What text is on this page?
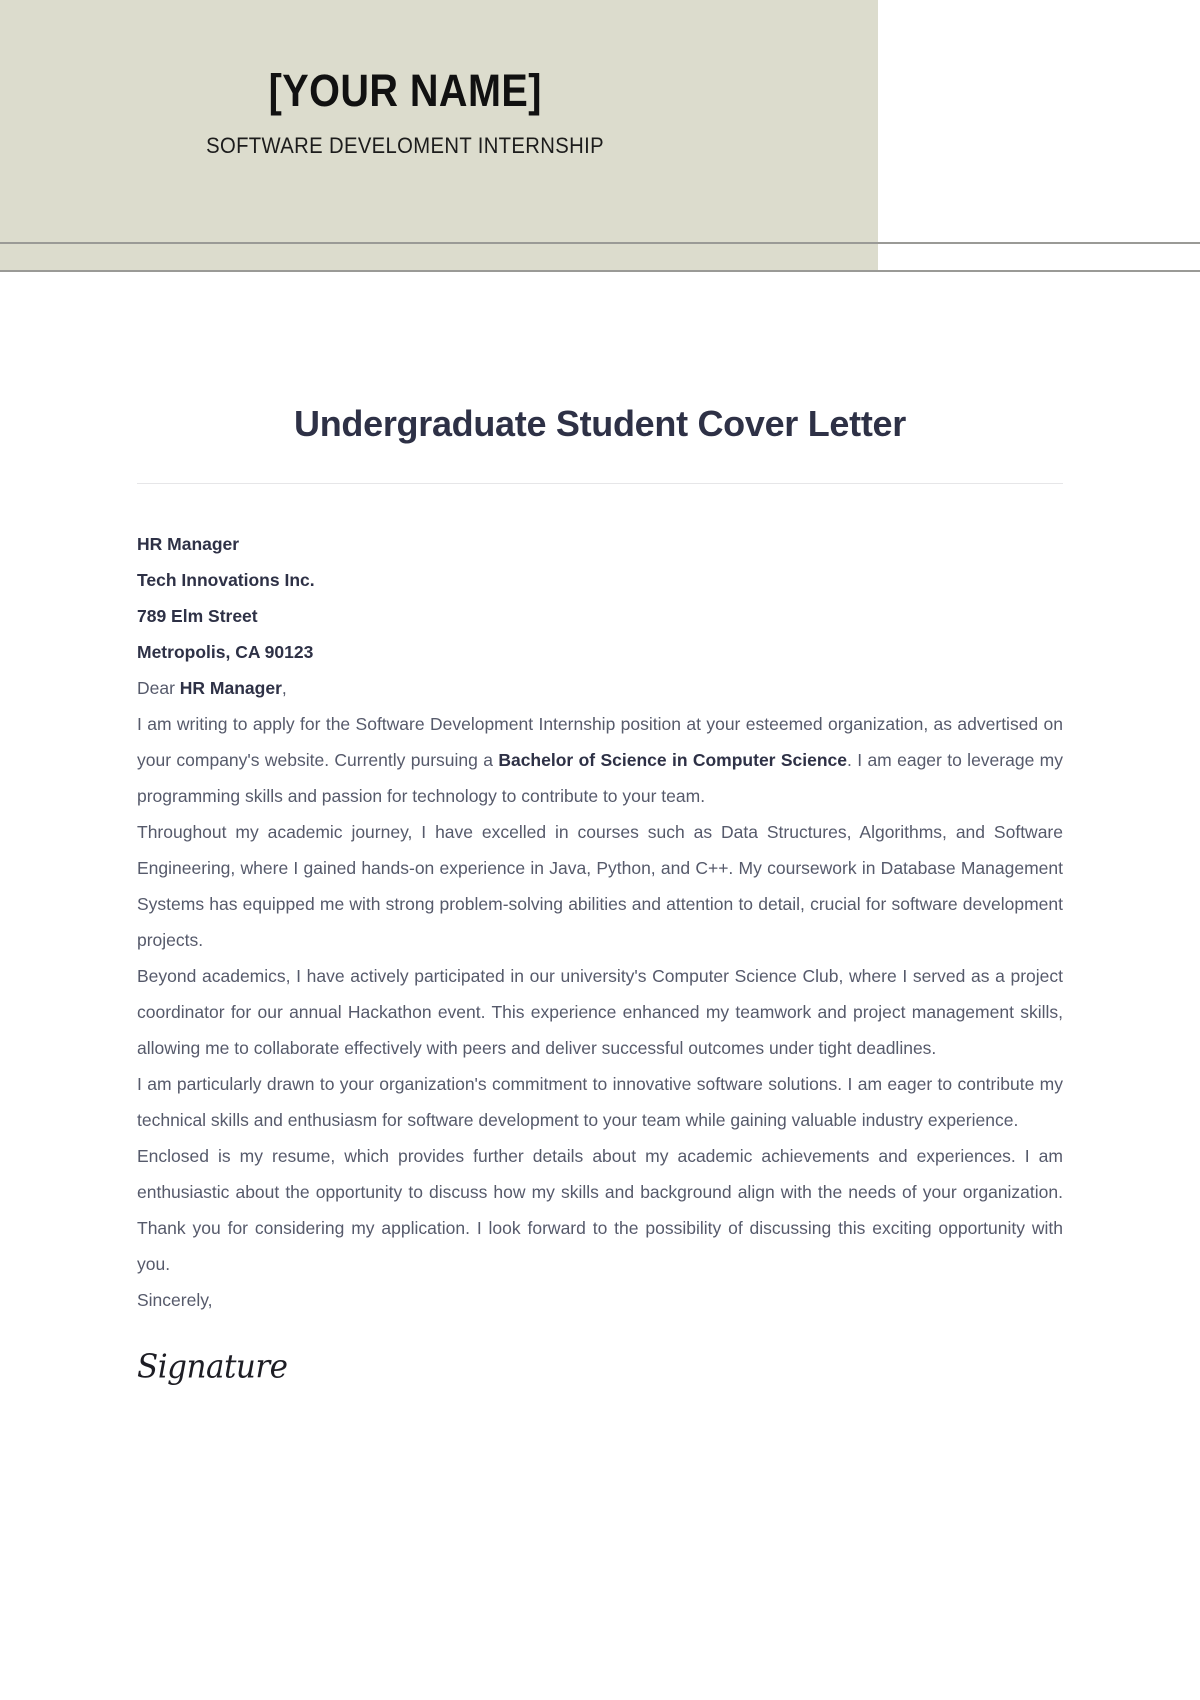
[YOUR NAME]
SOFTWARE DEVELOMENT INTERNSHIP
Undergraduate Student Cover Letter
HR Manager
Tech Innovations Inc.
789 Elm Street
Metropolis, CA 90123
Dear HR Manager,

I am writing to apply for the Software Development Internship position at your esteemed organization, as advertised on your company's website. Currently pursuing a Bachelor of Science in Computer Science. I am eager to leverage my programming skills and passion for technology to contribute to your team.

Throughout my academic journey, I have excelled in courses such as Data Structures, Algorithms, and Software Engineering, where I gained hands-on experience in Java, Python, and C++. My coursework in Database Management Systems has equipped me with strong problem-solving abilities and attention to detail, crucial for software development projects.

Beyond academics, I have actively participated in our university's Computer Science Club, where I served as a project coordinator for our annual Hackathon event. This experience enhanced my teamwork and project management skills, allowing me to collaborate effectively with peers and deliver successful outcomes under tight deadlines.

I am particularly drawn to your organization's commitment to innovative software solutions. I am eager to contribute my technical skills and enthusiasm for software development to your team while gaining valuable industry experience.

Enclosed is my resume, which provides further details about my academic achievements and experiences. I am enthusiastic about the opportunity to discuss how my skills and background align with the needs of your organization. Thank you for considering my application. I look forward to the possibility of discussing this exciting opportunity with you.

Sincerely,
Signature
